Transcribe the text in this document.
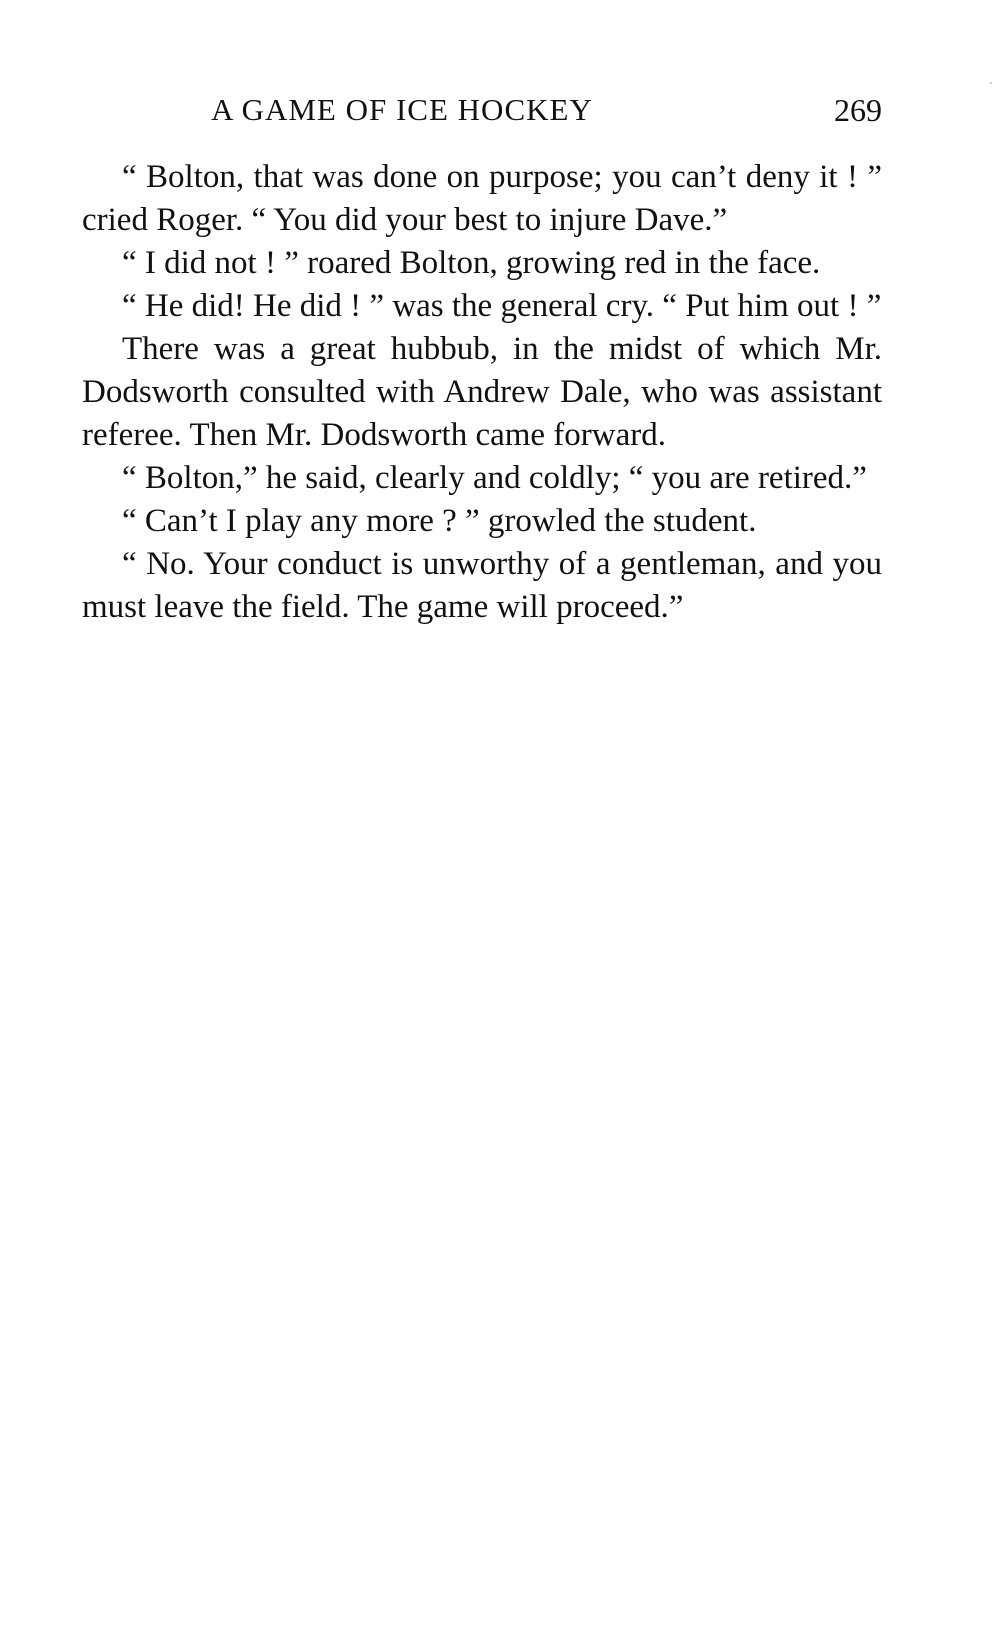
A GAME OF ICE HOCKEY	269

“ Bolton, that was done on purpose; you can’t deny it ! ” cried Roger. “ You did your best to injure Dave.”

“ I did not ! ” roared Bolton, growing red in the face.

“ He did! He did ! ” was the general cry. “ Put him out ! ”

There was a great hubbub, in the midst of which Mr. Dodsworth consulted with Andrew Dale, who was assistant referee. Then Mr. Dodsworth came forward.

“ Bolton,” he said, clearly and coldly; “ you are retired.”

“ Can’t I play any more ? ” growled the student.

“ No. Your conduct is unworthy of a gentleman, and you must leave the field. The game will proceed.”
